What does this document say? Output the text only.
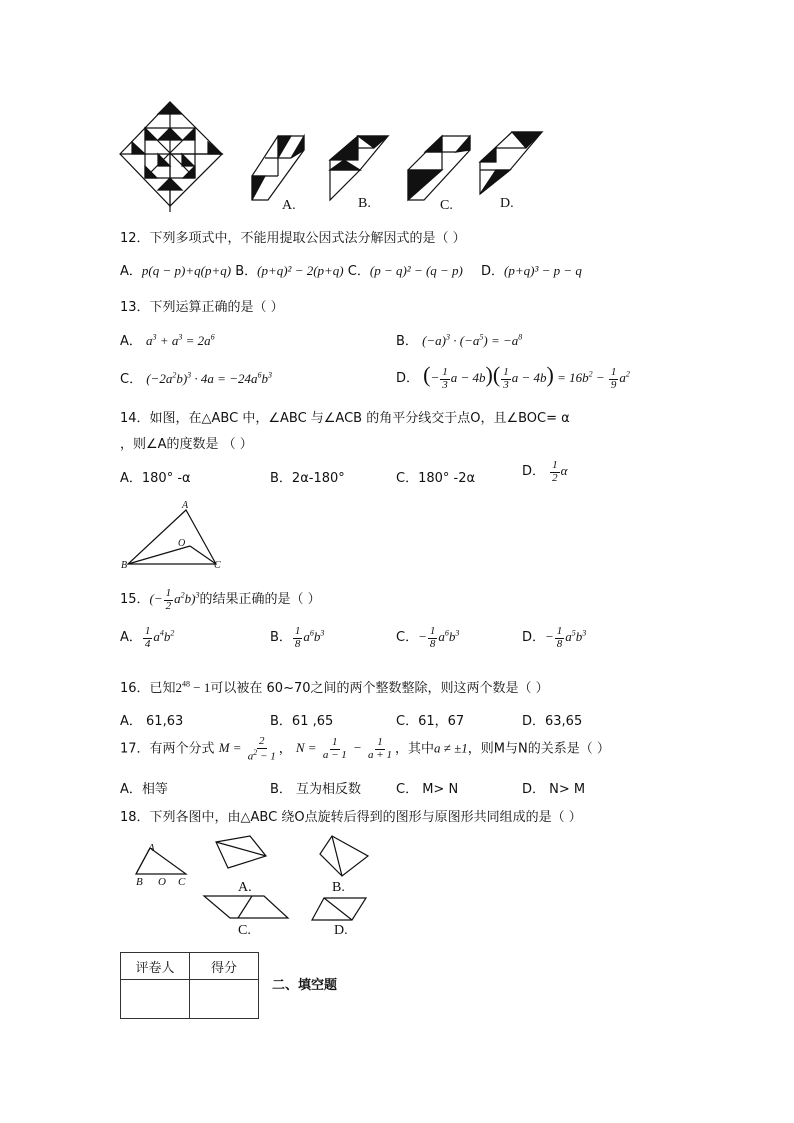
A.	B.	C.	D.
12．下列多项式中，不能用提取公因式法分解因式的是（ ）
A．p(q − p)+q(p+q) B．(p+q)² − 2(p+q) C．(p − q)² − (q − p) D．(p+q)³ − p − q
13．下列运算正确的是（ ）
A． $a^3 + a^3 = 2a^6$	B． $(-a)^3 \cdot (-a^5) = -a^8$
C． $(-2a^2b)^3 \cdot 4a = -24a^6b^3$	D． (− $\frac{1}{3}$ $a - 4b)( \frac{1}{3}$ $a - 4b) = 16b^2 - \frac{1}{9} a^2$
14．如图，在△ABC 中，∠ABC 与∠ACB 的角平分线交于点O，且∠BOC= α
，则∠A的度数是 （ ）
A．180° -α	B．2α-180°	C．180° -2α	D． $\frac{1}{2}$ α
A
O
B	C
15．(− $\frac{1}{2} a^2b)^3$的结果正确的是（ ）
A． $\frac{1}{4} a^4b^2$	B． $\frac{1}{8} a^6b^3$	C．− $\frac{1}{8} a^6b^3$	D．− $\frac{1}{8} a^5b^3$
16．已知$2^{48} - 1$可以被在 60~70之间的两个整数整除，则这两个数是（ ）
A． 61,63	B．61 ,65	C．61，67	D．63,65
17．有两个分式 $M = \frac{2}{a^2 - 1}$ ， $N = \frac{1}{a - 1} - \frac{1}{a + 1}$ ，其中a ≠ ±1，则M与N的关系是（ ）
A．相等	B． 互为相反数	C． M> N	D． N> M
18．下列各图中，由△ABC 绕O点旋转后得到的图形与原图形共同组成的是（ ）
A
B O C	A.	B.
C.	D.
评卷人	得分

二、填空题
